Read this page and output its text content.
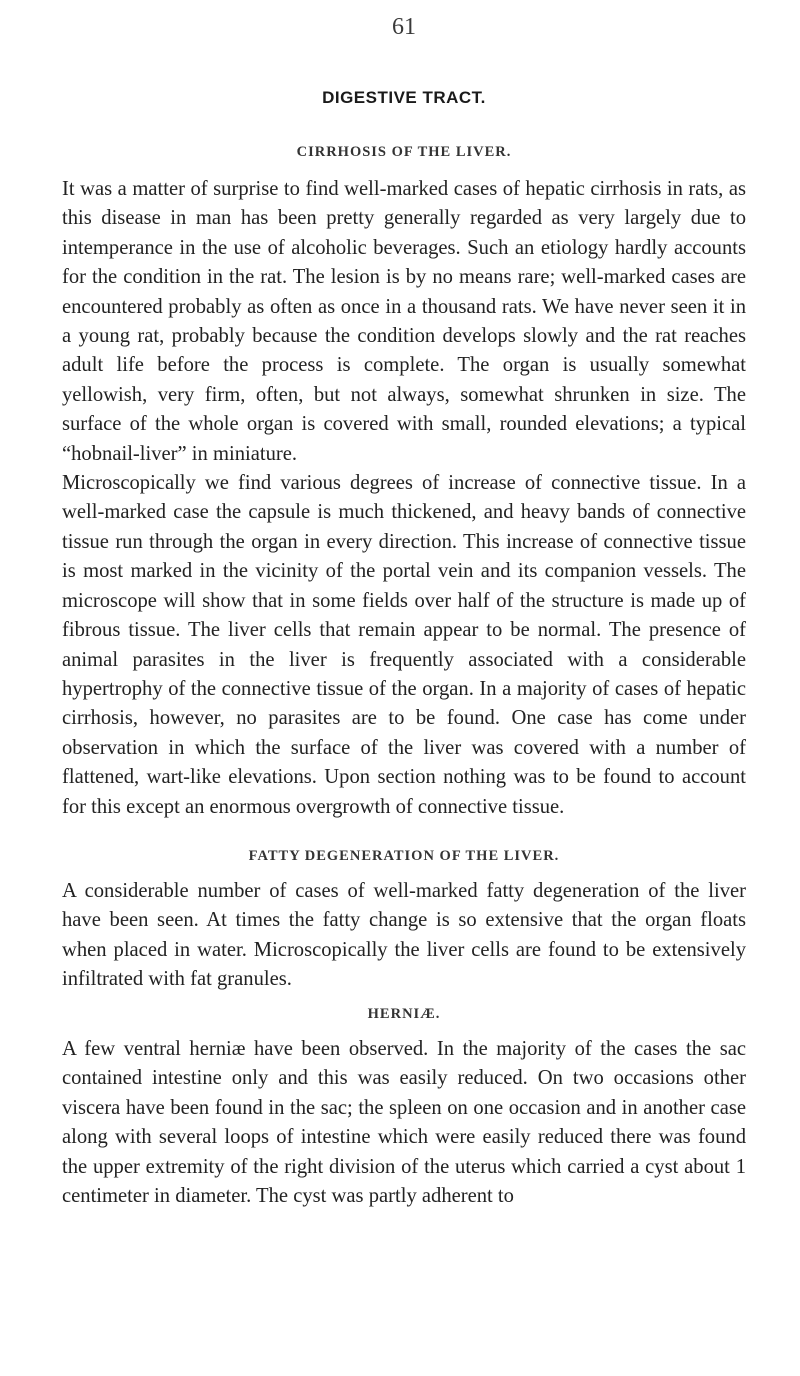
61
DIGESTIVE TRACT.
CIRRHOSIS OF THE LIVER.

It was a matter of surprise to find well-marked cases of hepatic cirrhosis in rats, as this disease in man has been pretty generally regarded as very largely due to intemperance in the use of alcoholic beverages. Such an etiology hardly accounts for the condition in the rat. The lesion is by no means rare; well-marked cases are encountered probably as often as once in a thousand rats. We have never seen it in a young rat, probably because the condition develops slowly and the rat reaches adult life before the process is complete. The organ is usually somewhat yellowish, very firm, often, but not always, somewhat shrunken in size. The surface of the whole organ is covered with small, rounded elevations; a typical “hobnail-liver” in miniature.

Microscopically we find various degrees of increase of connective tissue. In a well-marked case the capsule is much thickened, and heavy bands of connective tissue run through the organ in every direction. This increase of connective tissue is most marked in the vicinity of the portal vein and its companion vessels. The microscope will show that in some fields over half of the structure is made up of fibrous tissue. The liver cells that remain appear to be normal. The presence of animal parasites in the liver is frequently associated with a considerable hypertrophy of the connective tissue of the organ. In a majority of cases of hepatic cirrhosis, however, no parasites are to be found. One case has come under observation in which the surface of the liver was covered with a number of flattened, wart-like elevations. Upon section nothing was to be found to account for this except an enormous overgrowth of connective tissue.

FATTY DEGENERATION OF THE LIVER.

A considerable number of cases of well-marked fatty degeneration of the liver have been seen. At times the fatty change is so extensive that the organ floats when placed in water. Microscopically the liver cells are found to be extensively infiltrated with fat granules.

HERNIÆ.

A few ventral herniæ have been observed. In the majority of the cases the sac contained intestine only and this was easily reduced. On two occasions other viscera have been found in the sac; the spleen on one occasion and in another case along with several loops of intestine which were easily reduced there was found the upper extremity of the right division of the uterus which carried a cyst about 1 centimeter in diameter. The cyst was partly adherent to
